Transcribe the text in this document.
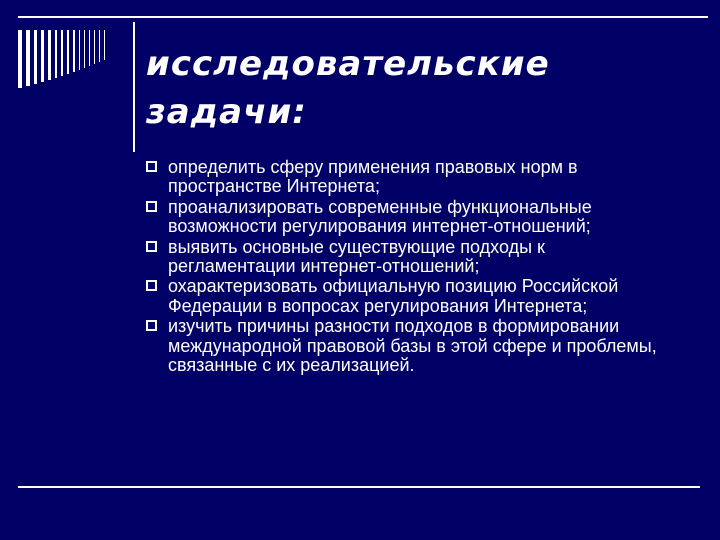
исследовательские
задачи:
определить сферу применения правовых норм в пространстве Интернета;
проанализировать современные функциональные возможности регулирования интернет-отношений;
выявить основные существующие подходы к регламентации интернет-отношений;
охарактеризовать официальную позицию Российской Федерации в вопросах регулирования Интернета;
изучить причины разности подходов в формировании международной правовой базы в этой сфере и проблемы, связанные с их реализацией.
